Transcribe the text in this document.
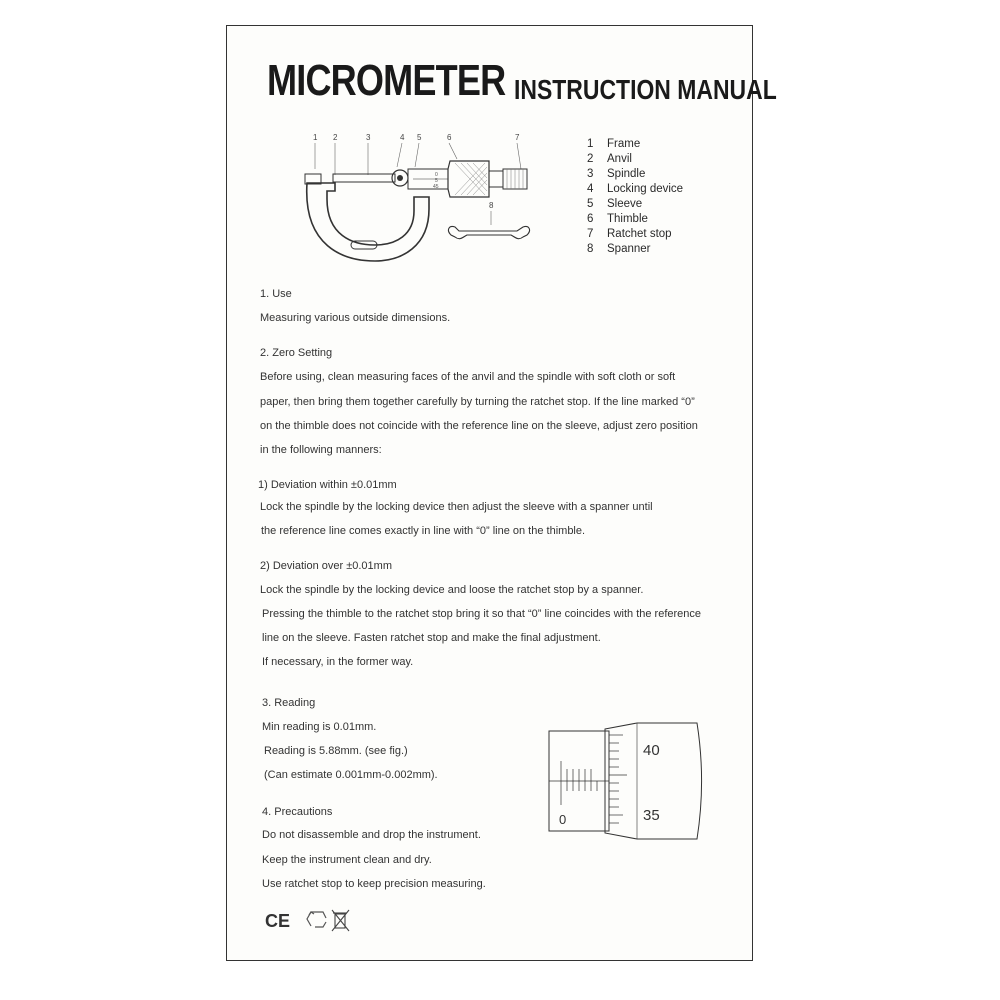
MICROMETER INSTRUCTION MANUAL
1 2	3	4 5	6	7
8
0
5
45
1 Frame
2 Anvil
3 Spindle
4 Locking device
5 Sleeve
6 Thimble
7 Ratchet stop
8 Spanner
1. Use
Measuring various outside dimensions.
2. Zero Setting
Before using, clean measuring faces of the anvil and the spindle with soft cloth or soft
paper, then bring them together carefully by turning the ratchet stop. If the line marked “0”
on the thimble does not coincide with the reference line on the sleeve, adjust zero position
in the following manners:
1) Deviation within ±0.01mm
Lock the spindle by the locking device then adjust the sleeve with a spanner until
the reference line comes exactly in line with “0” line on the thimble.
2) Deviation over ±0.01mm
Lock the spindle by the locking device and loose the ratchet stop by a spanner.
Pressing the thimble to the ratchet stop bring it so that “0” line coincides with the reference
line on the sleeve. Fasten ratchet stop and make the final adjustment.
If necessary, in the former way.
3. Reading
Min reading is 0.01mm.
Reading is 5.88mm. (see fig.)
(Can estimate 0.001mm-0.002mm).
4. Precautions
Do not disassemble and drop the instrument.
Keep the instrument clean and dry.
Use ratchet stop to keep precision measuring.
0
40
35
CE
